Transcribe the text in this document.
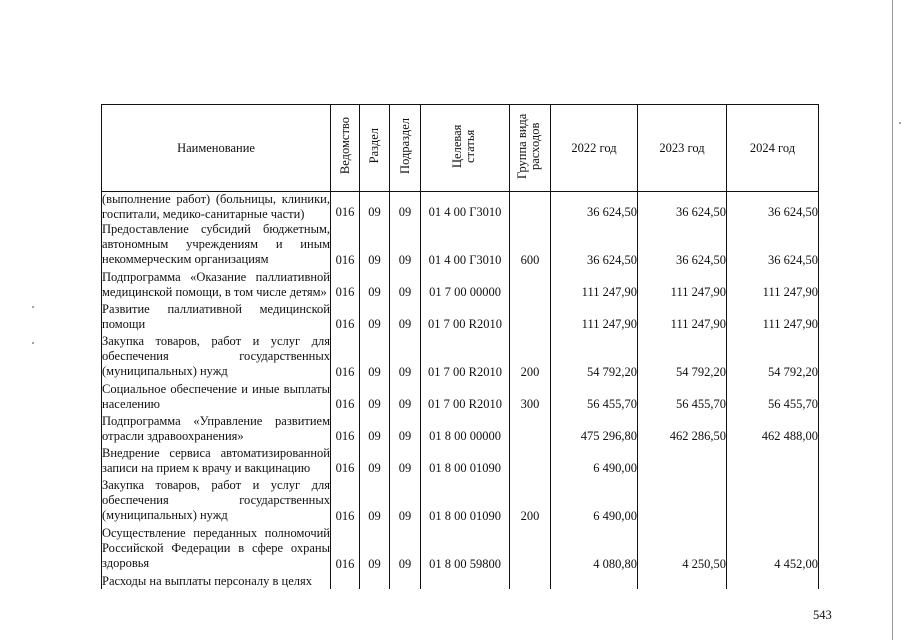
Наименование	Ведомство	Раздел	Подраздел	Целевая статья	Группа вида расходов	2022 год	2023 год	2024 год
(выполнение работ) (больницы, клиники, госпитали, медико-санитарные части)	016	09	09	01 4 00 Г3010		36 624,50	36 624,50	36 624,50
Предоставление субсидий бюджетным, автономным учреждениям и иным некоммерческим организациям	016	09	09	01 4 00 Г3010	600	36 624,50	36 624,50	36 624,50
Подпрограмма «Оказание паллиативной медицинской помощи, в том числе детям»	016	09	09	01 7 00 00000		111 247,90	111 247,90	111 247,90
Развитие паллиативной медицинской помощи	016	09	09	01 7 00 R2010		111 247,90	111 247,90	111 247,90
Закупка товаров, работ и услуг для обеспечения государственных (муниципальных) нужд	016	09	09	01 7 00 R2010	200	54 792,20	54 792,20	54 792,20
Социальное обеспечение и иные выплаты населению	016	09	09	01 7 00 R2010	300	56 455,70	56 455,70	56 455,70
Подпрограмма «Управление развитием отрасли здравоохранения»	016	09	09	01 8 00 00000		475 296,80	462 286,50	462 488,00
Внедрение сервиса автоматизированной записи на прием к врачу и вакцинацию	016	09	09	01 8 00 01090		6 490,00		
Закупка товаров, работ и услуг для обеспечения государственных (муниципальных) нужд	016	09	09	01 8 00 01090	200	6 490,00		
Осуществление переданных полномочий Российской Федерации в сфере охраны здоровья	016	09	09	01 8 00 59800		4 080,80	4 250,50	4 452,00
Расходы на выплаты персоналу в целях								
543
